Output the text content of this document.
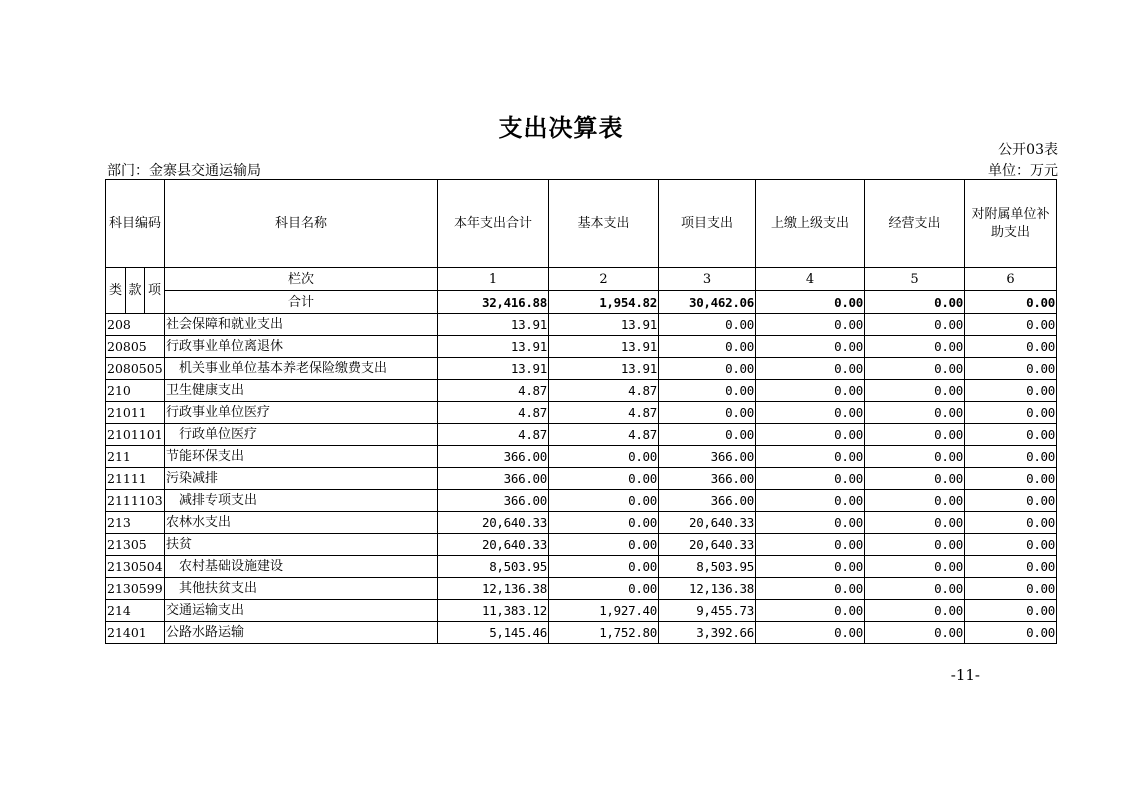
支出决算表
公开03表
部门：金寨县交通运输局	单位：万元
科目编码			科目名称	本年支出合计	基本支出	项目支出	上缴上级支出	经营支出	对附属单位补助支出
类	款	项	栏次	1	2	3	4	5	6
			合计	32,416.88	1,954.82	30,462.06	0.00	0.00	0.00
208			社会保障和就业支出	13.91	13.91	0.00	0.00	0.00	0.00
20805			行政事业单位离退休	13.91	13.91	0.00	0.00	0.00	0.00
2080505			机关事业单位基本养老保险缴费支出	13.91	13.91	0.00	0.00	0.00	0.00
210			卫生健康支出	4.87	4.87	0.00	0.00	0.00	0.00
21011			行政事业单位医疗	4.87	4.87	0.00	0.00	0.00	0.00
2101101			行政单位医疗	4.87	4.87	0.00	0.00	0.00	0.00
211			节能环保支出	366.00	0.00	366.00	0.00	0.00	0.00
21111			污染减排	366.00	0.00	366.00	0.00	0.00	0.00
2111103			减排专项支出	366.00	0.00	366.00	0.00	0.00	0.00
213			农林水支出	20,640.33	0.00	20,640.33	0.00	0.00	0.00
21305			扶贫	20,640.33	0.00	20,640.33	0.00	0.00	0.00
2130504			农村基础设施建设	8,503.95	0.00	8,503.95	0.00	0.00	0.00
2130599			其他扶贫支出	12,136.38	0.00	12,136.38	0.00	0.00	0.00
214			交通运输支出	11,383.12	1,927.40	9,455.73	0.00	0.00	0.00
21401			公路水路运输	5,145.46	1,752.80	3,392.66	0.00	0.00	0.00
-11-
